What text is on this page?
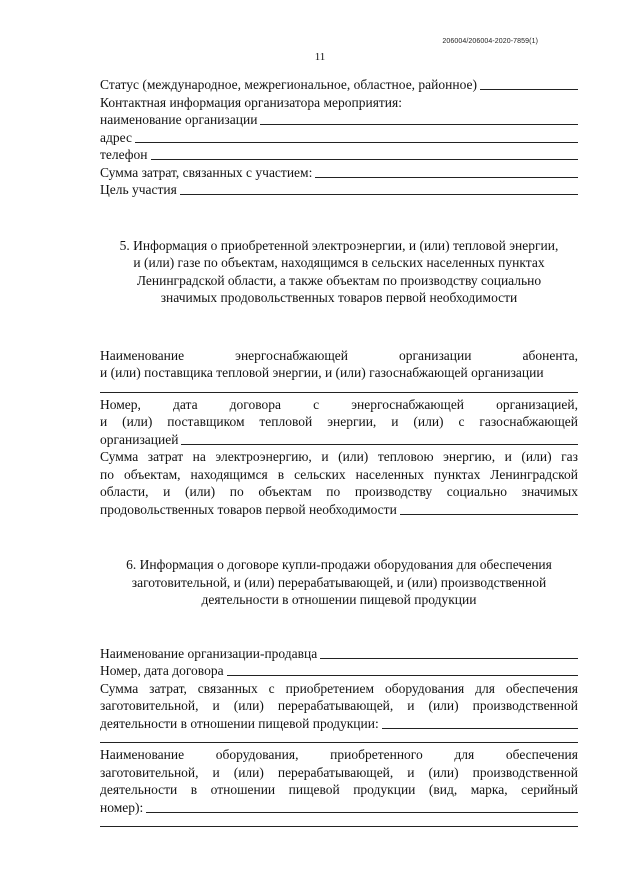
206004/206004-2020-7859(1)
11
Статус (международное, межрегиональное, областное, районное)
Контактная информация организатора мероприятия:
наименование организации
адрес
телефон
Сумма затрат, связанных с участием:
Цель участия
5. Информация о приобретенной электроэнергии, и (или) тепловой энергии,
и (или) газе по объектам, находящимся в сельских населенных пунктах
Ленинградской области, а также объектам по производству социально
значимых продовольственных товаров первой необходимости
Наименование энергоснабжающей организации абонента,
и (или) поставщика тепловой энергии, и (или) газоснабжающей организации
Номер, дата договора с энергоснабжающей организацией,
и (или) поставщиком тепловой энергии, и (или) с газоснабжающей
организацией
Сумма затрат на электроэнергию, и (или) тепловою энергию, и (или) газ
по объектам, находящимся в сельских населенных пунктах Ленинградской
области, и (или) по объектам по производству социально значимых
продовольственных товаров первой необходимости
6. Информация о договоре купли-продажи оборудования для обеспечения
заготовительной, и (или) перерабатывающей, и (или) производственной
деятельности в отношении пищевой продукции
Наименование организации-продавца
Номер, дата договора
Сумма затрат, связанных с приобретением оборудования для обеспечения
заготовительной, и (или) перерабатывающей, и (или) производственной
деятельности в отношении пищевой продукции:
Наименование оборудования, приобретенного для обеспечения
заготовительной, и (или) перерабатывающей, и (или) производственной
деятельности в отношении пищевой продукции (вид, марка, серийный
номер):
